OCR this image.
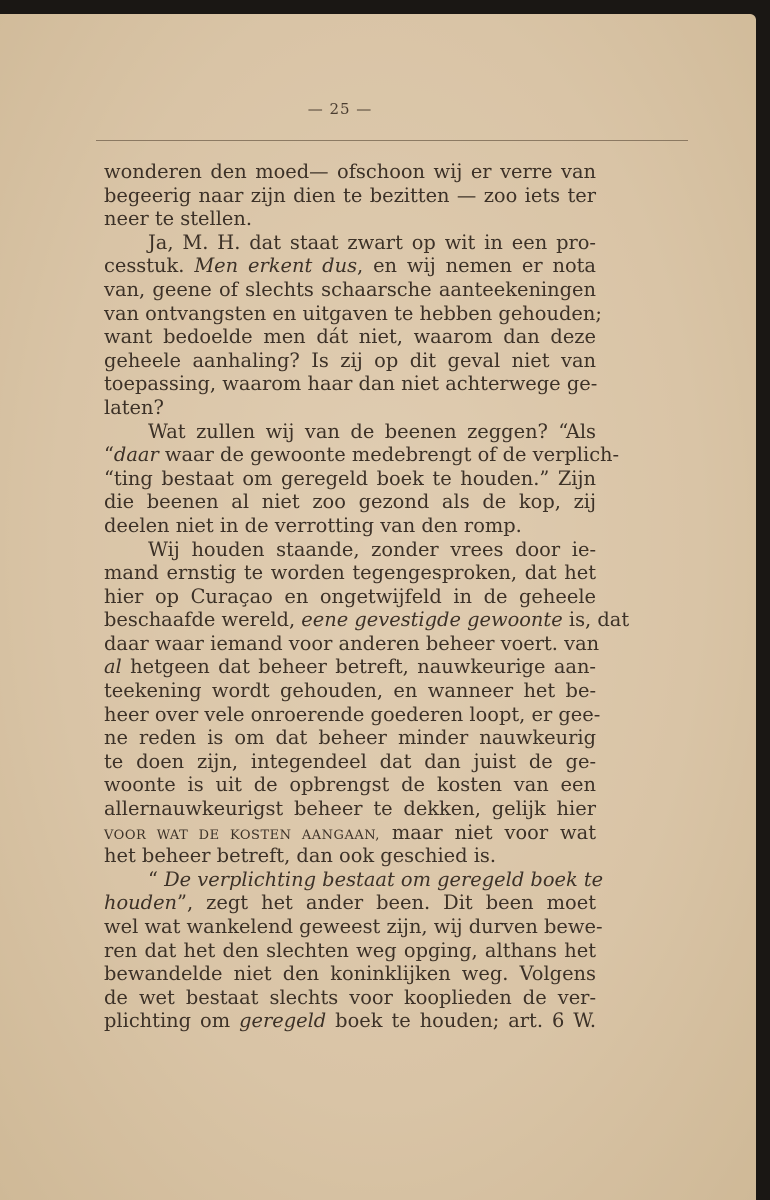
— 25 —
wonderen den moed— ofschoon wij er verre van
begeerig naar zijn dien te bezitten — zoo iets ter
neer te stellen.
Ja, M. H. dat staat zwart op wit in een pro-
cesstuk. Men erkent dus, en wij nemen er nota
van, geene of slechts schaarsche aanteekeningen
van ontvangsten en uitgaven te hebben gehouden;
want bedoelde men dát niet, waarom dan deze
geheele aanhaling? Is zij op dit geval niet van
toepassing, waarom haar dan niet achterwege ge-
laten?
Wat zullen wij van de beenen zeggen? “Als
“daar waar de gewoonte medebrengt of de verplich-
“ting bestaat om geregeld boek te houden.” Zijn
die beenen al niet zoo gezond als de kop, zij
deelen niet in de verrotting van den romp.
Wij houden staande, zonder vrees door ie-
mand ernstig te worden tegengesproken, dat het
hier op Curaçao en ongetwijfeld in de geheele
beschaafde wereld, eene gevestigde gewoonte is, dat
daar waar iemand voor anderen beheer voert. van
al hetgeen dat beheer betreft, nauwkeurige aan-
teekening wordt gehouden, en wanneer het be-
heer over vele onroerende goederen loopt, er gee-
ne reden is om dat beheer minder nauwkeurig
te doen zijn, integendeel dat dan juist de ge-
woonte is uit de opbrengst de kosten van een
allernauwkeurigst beheer te dekken, gelijk hier
VOOR WAT DE KOSTEN AANGAAN, maar niet voor wat
het beheer betreft, dan ook geschied is.
“ De verplichting bestaat om geregeld boek te
houden”, zegt het ander been. Dit been moet
wel wat wankelend geweest zijn, wij durven bewe-
ren dat het den slechten weg opging, althans het
bewandelde niet den koninklijken weg. Volgens
de wet bestaat slechts voor kooplieden de ver-
plichting om geregeld boek te houden; art. 6 W.
